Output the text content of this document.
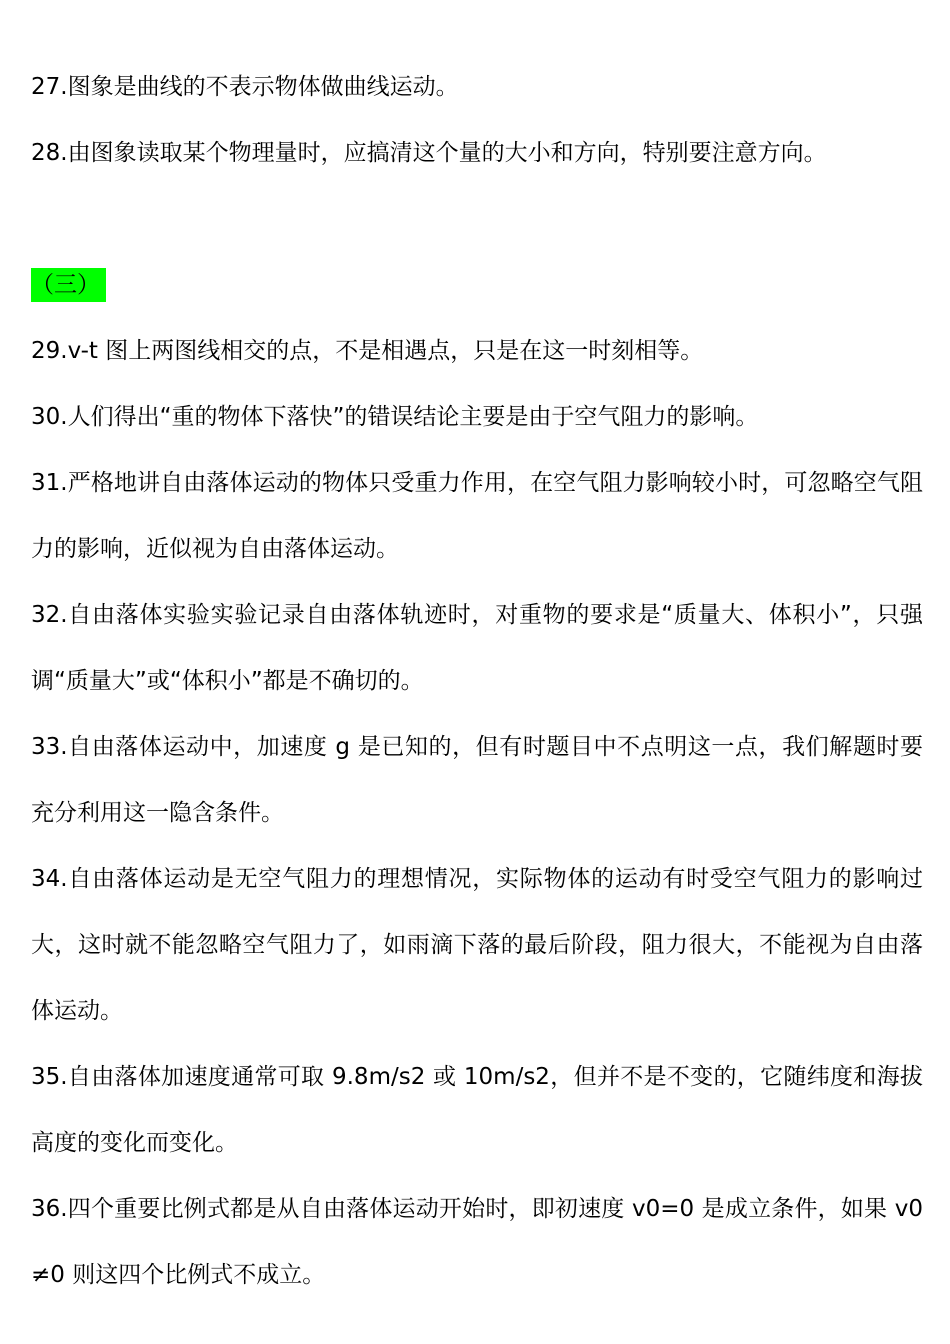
27.图象是曲线的不表示物体做曲线运动。

28.由图象读取某个物理量时，应搞清这个量的大小和方向，特别要注意方向。

（三）

29.v-t 图上两图线相交的点，不是相遇点，只是在这一时刻相等。

30.人们得出“重的物体下落快”的错误结论主要是由于空气阻力的影响。

31.严格地讲自由落体运动的物体只受重力作用，在空气阻力影响较小时，可忽略空气阻力的影响，近似视为自由落体运动。

32.自由落体实验实验记录自由落体轨迹时，对重物的要求是“质量大、体积小”，只强调“质量大”或“体积小”都是不确切的。

33.自由落体运动中，加速度 g 是已知的，但有时题目中不点明这一点，我们解题时要充分利用这一隐含条件。

34.自由落体运动是无空气阻力的理想情况，实际物体的运动有时受空气阻力的影响过大，这时就不能忽略空气阻力了，如雨滴下落的最后阶段，阻力很大，不能视为自由落体运动。

35.自由落体加速度通常可取 9.8m/s2 或 10m/s2，但并不是不变的，它随纬度和海拔高度的变化而变化。

36.四个重要比例式都是从自由落体运动开始时，即初速度 v0=0 是成立条件，如果 v0≠0 则这四个比例式不成立。
